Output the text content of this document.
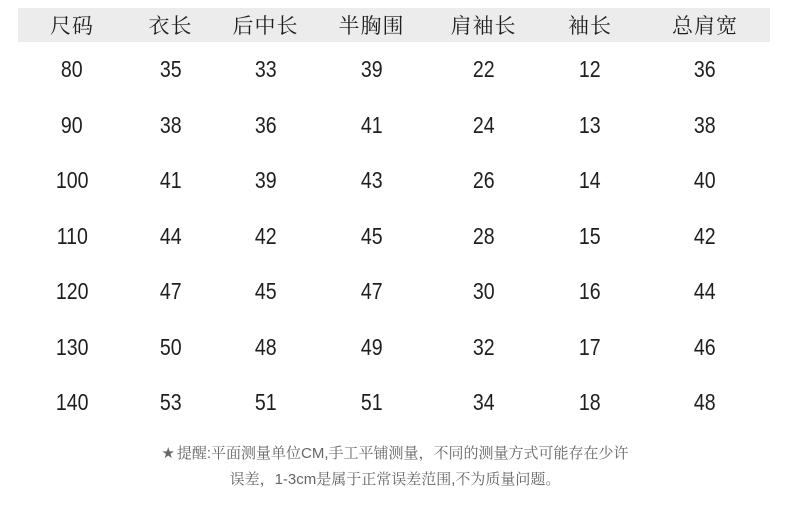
尺码	衣长	后中长	半胸围	肩袖长	袖长	总肩宽
80	35	33	39	22	12	36
90	38	36	41	24	13	38
100	41	39	43	26	14	40
110	44	42	45	28	15	42
120	47	45	47	30	16	44
130	50	48	49	32	17	46
140	53	51	51	34	18	48
★ 提醒:平面测量单位CM,手工平铺测量，不同的测量方式可能存在少许
误差，1-3cm是属于正常误差范围,不为质量问题。
